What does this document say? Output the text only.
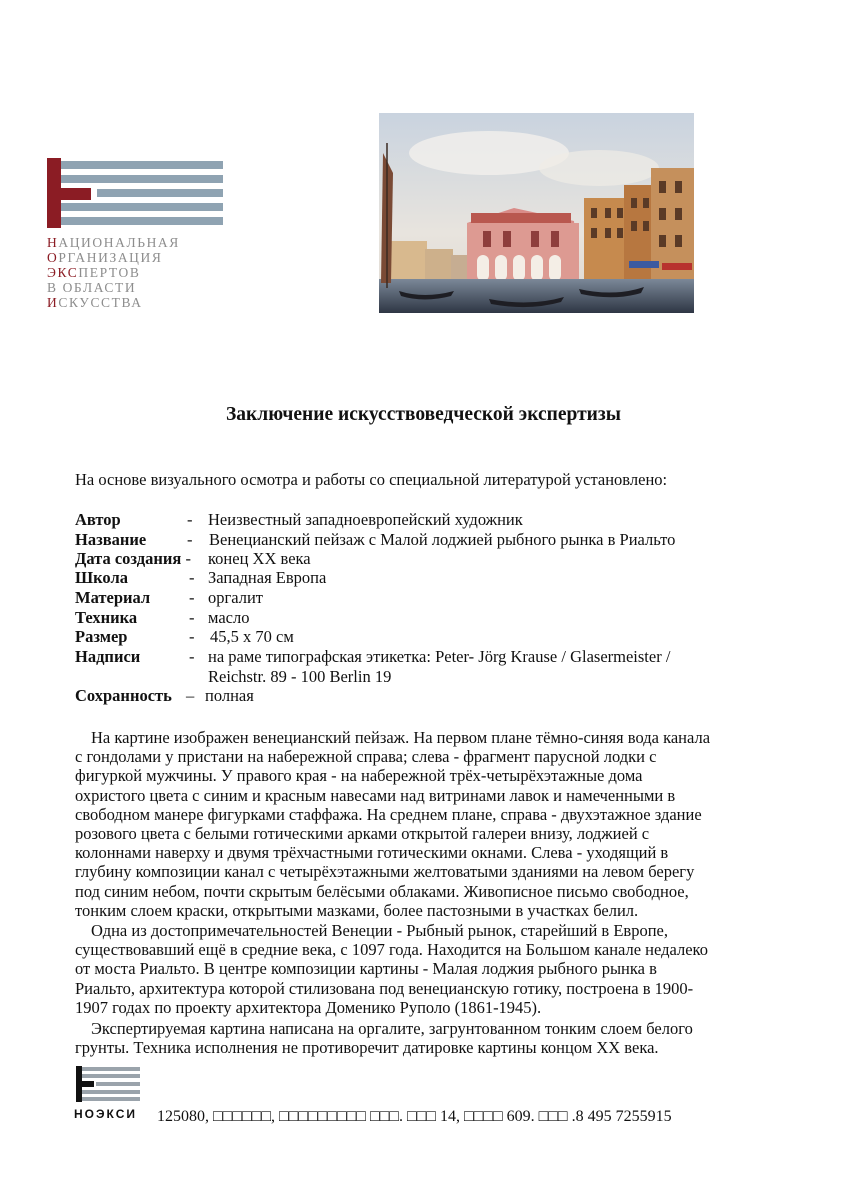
НАЦИОНАЛЬНАЯ
ОРГАНИЗАЦИЯ
ЭКСПЕРТОВ
В ОБЛАСТИ
ИСКУССТВА
Заключение искусствоведческой экспертизы
На основе визуального осмотра и работы со специальной литературой установлено:
Автор	- Неизвестный западноевропейский художник
Название - Венецианский пейзаж с Малой лоджией рыбного рынка в Риальто
Дата создания - конец XX века
Школа	- Западная Европа
Материал - оргалит
Техника	- масло
Размер	- 45,5 х 70 см
Надписи	- на раме типографская этикетка: Peter- Jörg Krause / Glasermeister /
Reichstr. 89 - 100 Berlin 19
Сохранность – полная
На картине изображен венецианский пейзаж. На первом плане тёмно-синяя вода канала
с гондолами у пристани на набережной справа; слева - фрагмент парусной лодки с
фигуркой мужчины. У правого края - на набережной трёх-четырёхэтажные дома
охристого цвета с синим и красным навесами над витринами лавок и намеченными в
свободном манере фигурками стаффажа. На среднем плане, справа - двухэтажное здание
розового цвета с белыми готическими арками открытой галереи внизу, лоджией с
колоннами наверху и двумя трёхчастными готическими окнами. Слева - уходящий в
глубину композиции канал с четырёхэтажными желтоватыми зданиями на левом берегу
под синим небом, почти скрытым белёсыми облаками. Живописное письмо свободное,
тонким слоем краски, открытыми мазками, более пастозными в участках белил.
Одна из достопримечательностей Венеции - Рыбный рынок, старейший в Европе,
существовавший ещё в средние века, с 1097 года. Находится на Большом канале недалеко
от моста Риальто. В центре композиции картины - Малая лоджия рыбного рынка в
Риальто, архитектура которой стилизована под венецианскую готику, построена в 1900-
1907 годах по проекту архитектора Доменико Руполо (1861-1945).
Экспертируемая картина написана на оргалите, загрунтованном тонким слоем белого
грунты. Техника исполнения не противоречит датировке картины концом XX века.
НОЭКСИ 125080, □□□□□□, □□□□□□□□□ □□□. □□□ 14, □□□□ 609. □□□ .8 495 7255915
